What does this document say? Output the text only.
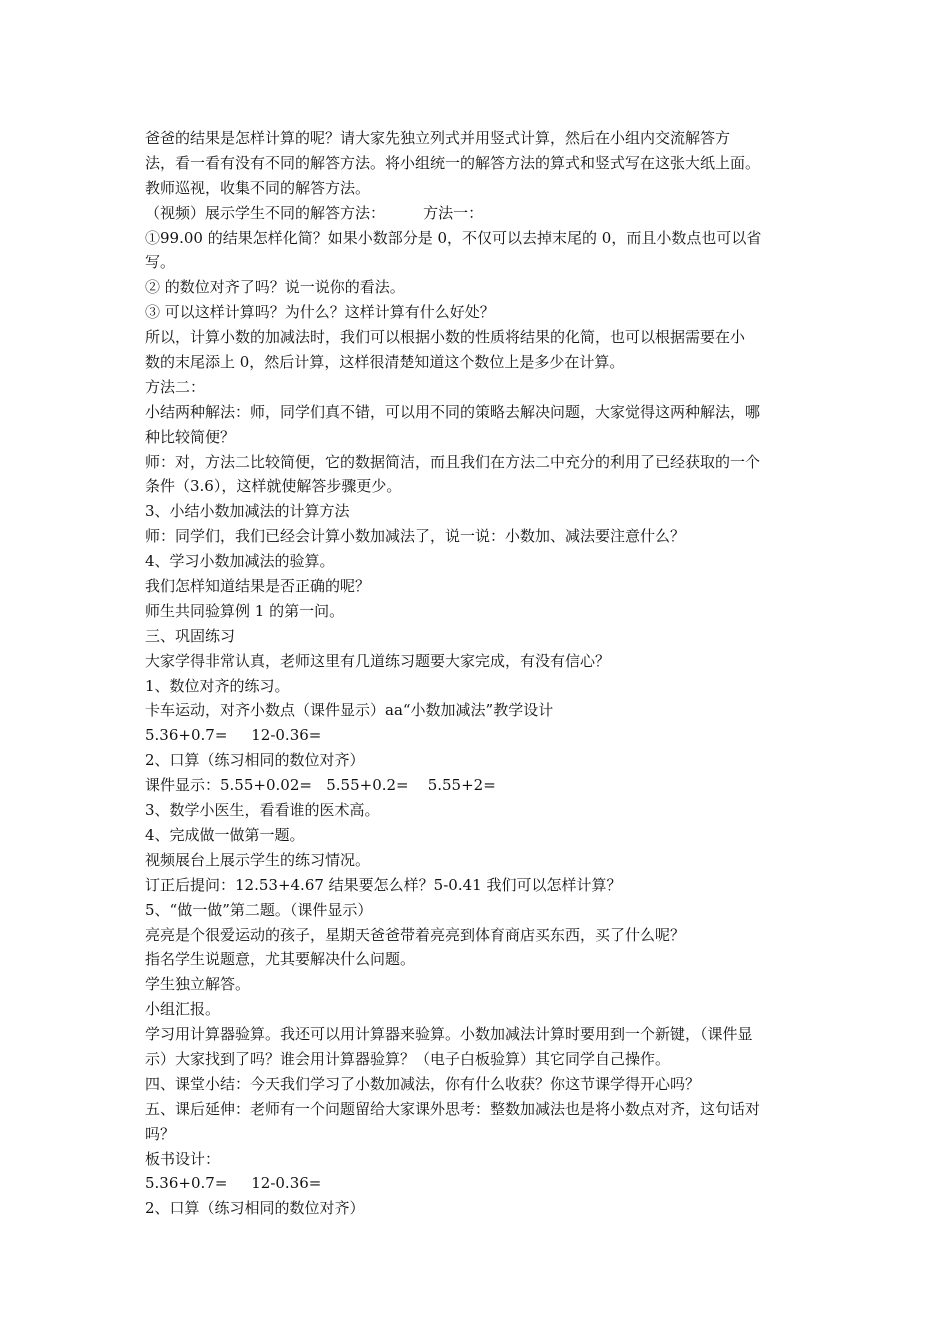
爸爸的结果是怎样计算的呢？请大家先独立列式并用竖式计算，然后在小组内交流解答方
法，看一看有没有不同的解答方法。将小组统一的解答方法的算式和竖式写在这张大纸上面。
教师巡视，收集不同的解答方法。
（视频）展示学生不同的解答方法：        方法一：
①99.00 的结果怎样化简？如果小数部分是 0，不仅可以去掉末尾的 0，而且小数点也可以省
写。
② 的数位对齐了吗？说一说你的看法。
③ 可以这样计算吗？为什么？这样计算有什么好处？
所以，计算小数的加减法时，我们可以根据小数的性质将结果的化简，也可以根据需要在小
数的末尾添上 0，然后计算，这样很清楚知道这个数位上是多少在计算。
方法二：
小结两种解法：师，同学们真不错，可以用不同的策略去解决问题，大家觉得这两种解法，哪
种比较简便？
师：对，方法二比较简便，它的数据简洁，而且我们在方法二中充分的利用了已经获取的一个
条件（3.6），这样就使解答步骤更少。
3、小结小数加减法的计算方法
师：同学们，我们已经会计算小数加减法了，说一说：小数加、减法要注意什么？
4、学习小数加减法的验算。
我们怎样知道结果是否正确的呢？
师生共同验算例 1 的第一问。
三、巩固练习
大家学得非常认真，老师这里有几道练习题要大家完成，有没有信心？
1、数位对齐的练习。
卡车运动，对齐小数点（课件显示）aa“小数加减法”教学设计
5.36+0.7=     12-0.36=
2、口算（练习相同的数位对齐）
课件显示：5.55+0.02=   5.55+0.2=    5.55+2=
3、数学小医生，看看谁的医术高。
4、完成做一做第一题。
视频展台上展示学生的练习情况。
订正后提问：12.53+4.67 结果要怎么样？5-0.41 我们可以怎样计算？
5、“做一做”第二题。（课件显示）
亮亮是个很爱运动的孩子，星期天爸爸带着亮亮到体育商店买东西，买了什么呢？
指名学生说题意，尤其要解决什么问题。
学生独立解答。
小组汇报。
学习用计算器验算。我还可以用计算器来验算。小数加减法计算时要用到一个新键，（课件显
示）大家找到了吗？谁会用计算器验算？（电子白板验算）其它同学自己操作。
四、课堂小结：今天我们学习了小数加减法，你有什么收获？你这节课学得开心吗？
五、课后延伸：老师有一个问题留给大家课外思考：整数加减法也是将小数点对齐，这句话对
吗？
板书设计：
5.36+0.7=     12-0.36=
2、口算（练习相同的数位对齐）
